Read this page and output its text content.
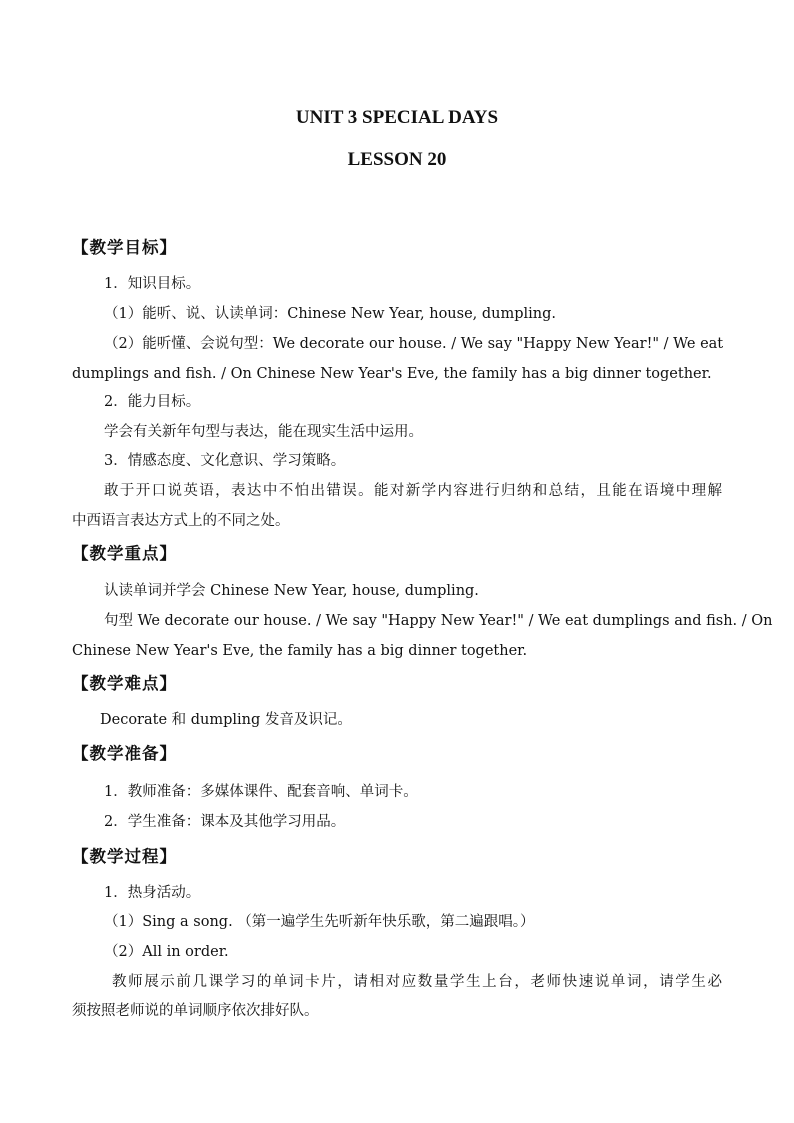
UNIT 3 SPECIAL DAYS
LESSON 20
【教学目标】
1．知识目标。
（1）能听、说、认读单词：Chinese New Year, house, dumpling.
（2）能听懂、会说句型：We decorate our house. / We say "Happy New Year!" / We eat
dumplings and fish. / On Chinese New Year's Eve, the family has a big dinner together.
2．能力目标。
学会有关新年句型与表达，能在现实生活中运用。
3．情感态度、文化意识、学习策略。
敢于开口说英语，表达中不怕出错误。能对新学内容进行归纳和总结，且能在语境中理解
中西语言表达方式上的不同之处。
【教学重点】
认读单词并学会 Chinese New Year, house, dumpling.
句型 We decorate our house. / We say "Happy New Year!" / We eat dumplings and fish. / On
Chinese New Year's Eve, the family has a big dinner together.
【教学难点】
Decorate 和 dumpling 发音及识记。
【教学准备】
1．教师准备：多媒体课件、配套音响、单词卡。
2．学生准备：课本及其他学习用品。
【教学过程】
1．热身活动。
（1）Sing a song. （第一遍学生先听新年快乐歌，第二遍跟唱。）
（2）All in order.
教师展示前几课学习的单词卡片，请相对应数量学生上台，老师快速说单词，请学生必
须按照老师说的单词顺序依次排好队。
